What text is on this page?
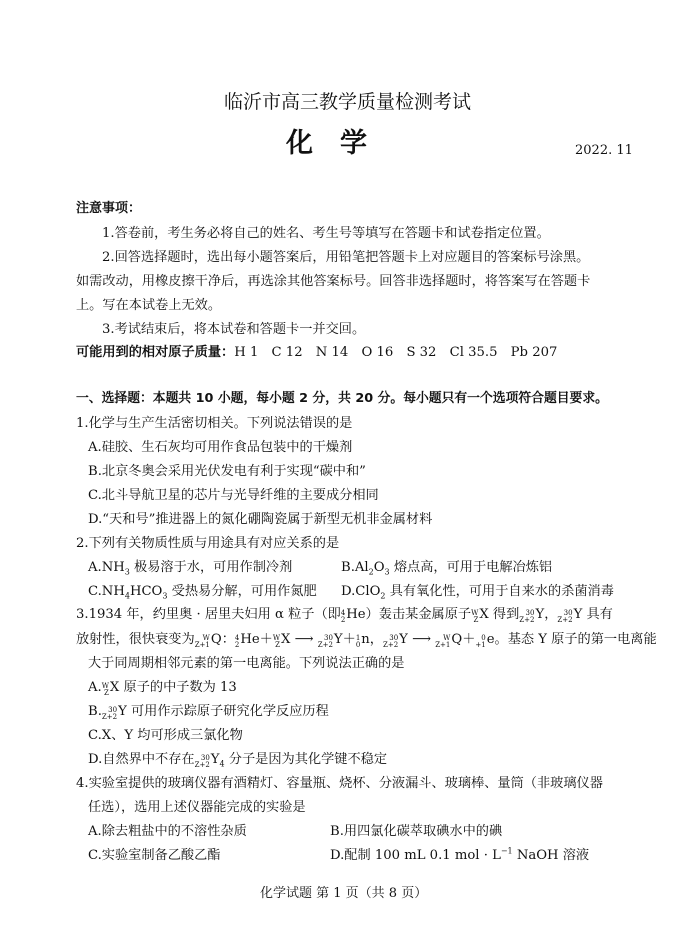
临沂市高三教学质量检测考试
化　学	2022. 11
注意事项：
1.答卷前，考生务必将自己的姓名、考生号等填写在答题卡和试卷指定位置。
2.回答选择题时，选出每小题答案后，用铅笔把答题卡上对应题目的答案标号涂黑。
如需改动，用橡皮擦干净后，再选涂其他答案标号。回答非选择题时，将答案写在答题卡
上。写在本试卷上无效。
3.考试结束后，将本试卷和答题卡一并交回。
可能用到的相对原子质量：H 1　C 12　N 14　O 16　S 32　Cl 35.5　Pb 207
一、选择题：本题共 10 小题，每小题 2 分，共 20 分。每小题只有一个选项符合题目要求。
1.化学与生产生活密切相关。下列说法错误的是
A.硅胶、生石灰均可用作食品包装中的干燥剂
B.北京冬奥会采用光伏发电有利于实现“碳中和”
C.北斗导航卫星的芯片与光导纤维的主要成分相同
D.“天和号”推进器上的氮化硼陶瓷属于新型无机非金属材料
2.下列有关物质性质与用途具有对应关系的是
$A.NH_3$ 极易溶于水，可用作制冷剂	$B.Al_2O_3$ 熔点高，可用于电解冶炼铝
$C.NH_4HCO_3$ 受热易分解，可用作氮肥 D.ClO$_2$ 具有氧化性，可用于自来水的杀菌消毒
3.1934 年，约里奥 · 居里夫妇用 α 粒子（即 4
2 He）轰击某金属原子 W
Z X 得到 30
Z+2 Y， 30
Z+2 Y 具有
放射性，很快衰变为	W
Z+1 Q： 4
2 He＋ W
Z X ⟶ 30
Z+2 Y＋ 1
0 n， 30
Z+2 Y ⟶	W
Z+1 Q＋ 0
+1 e。基态 Y 原子的第一电离能
大于同周期相邻元素的第一电离能。下列说法正确的是
A. W
Z X 原子的中子数为 13
B. 30
Z+2 Y 可用作示踪原子研究化学反应历程
C.X、Y 均可形成三氯化物
D.自然界中不存在 30
Z+2 $Y_4$ 分子是因为其化学键不稳定
4.实验室提供的玻璃仪器有酒精灯、容量瓶、烧杯、分液漏斗、玻璃棒、量筒（非玻璃仪器
任选），选用上述仪器能完成的实验是
A.除去粗盐中的不溶性杂质	B.用四氯化碳萃取碘水中的碘
C.实验室制备乙酸乙酯	D.配制 100 mL 0.1 mol · $L^{-1}$ NaOH 溶液
化学试题 第 1 页（共 8 页）
